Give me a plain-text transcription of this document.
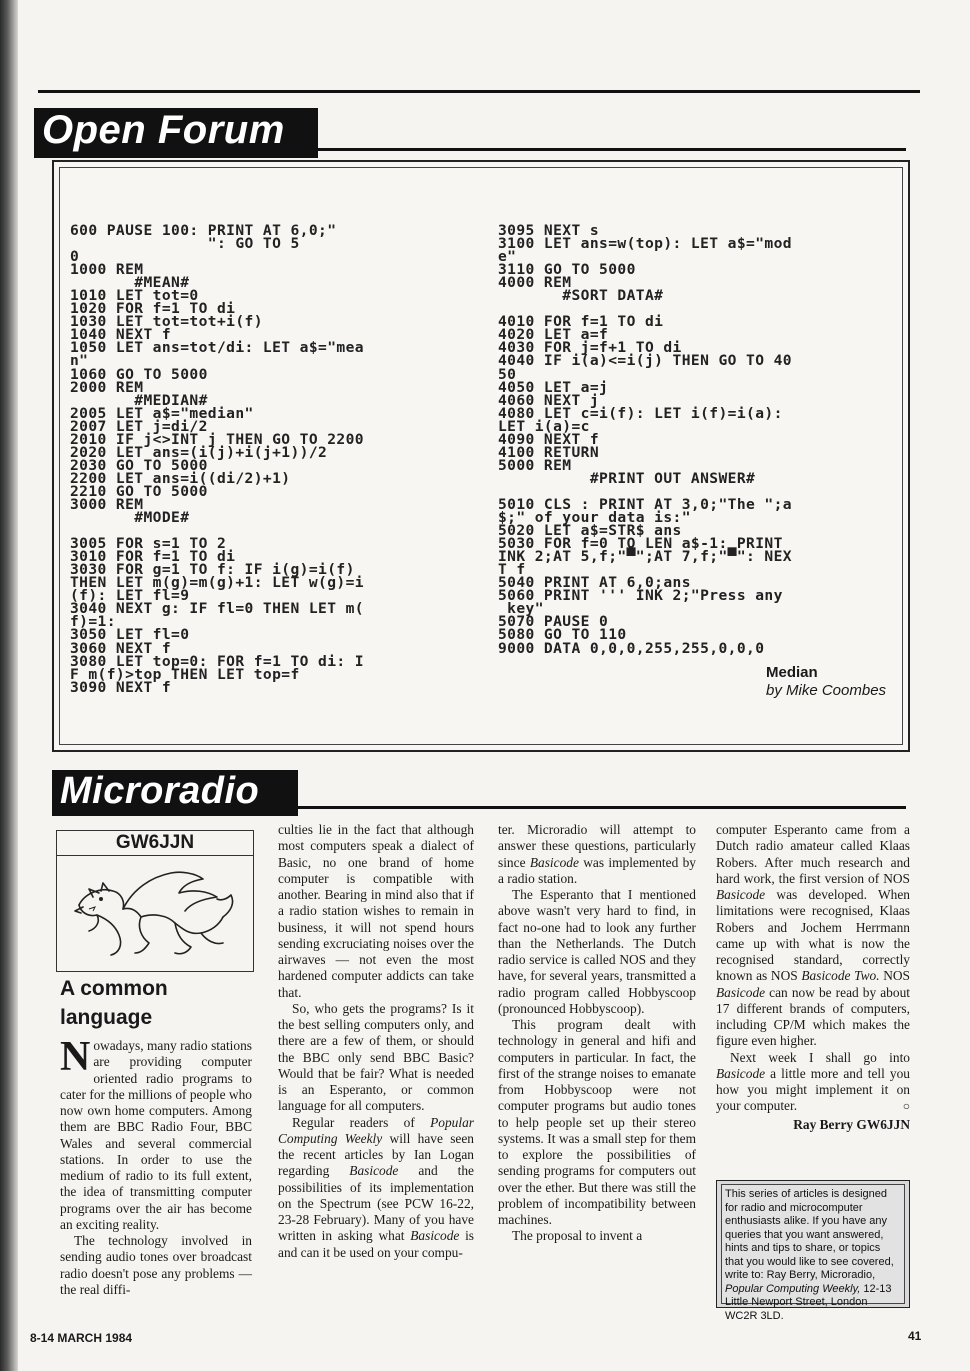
Open Forum
600 PAUSE 100: PRINT AT 6,0;"
": GO TO 5
0
1000 REM
#MEAN#
1010 LET tot=0
1020 FOR f=1 TO di
1030 LET tot=tot+i(f)
1040 NEXT f
1050 LET ans=tot/di: LET a$="mea
n"
1060 GO TO 5000
2000 REM
#MEDIAN#
2005 LET a$="median"
2007 LET j=di/2
2010 IF j<>INT j THEN GO TO 2200
2020 LET ans=(i(j)+i(j+1))/2
2030 GO TO 5000
2200 LET ans=i((di/2)+1)
2210 GO TO 5000
3000 REM
#MODE#

3005 FOR s=1 TO 2
3010 FOR f=1 TO di
3030 FOR g=1 TO f: IF i(g)=i(f)
THEN LET m(g)=m(g)+1: LET w(g)=i
(f): LET fl=9
3040 NEXT g: IF fl=0 THEN LET m(
f)=1:
3050 LET fl=0
3060 NEXT f
3080 LET top=0: FOR f=1 TO di: I
F m(f)>top THEN LET top=f
3090 NEXT f
3095 NEXT s
3100 LET ans=w(top): LET a$="mod
e"
3110 GO TO 5000
4000 REM
#SORT DATA#

4010 FOR f=1 TO di
4020 LET a=f
4030 FOR j=f+1 TO di
4040 IF i(a)<=i(j) THEN GO TO 40
50
4050 LET a=j
4060 NEXT j
4080 LET c=i(f): LET i(f)=i(a):
LET i(a)=c
4090 NEXT f
4100 RETURN
5000 REM
#PRINT OUT ANSWER#

5010 CLS : PRINT AT 3,0;"The ";a
$;" of your data is:"
5020 LET a$=STR$ ans
5030 FOR f=0 TO LEN a$-1: PRINT
INK 2;AT 5,f;"▀";AT 7,f;"▀": NEX
T f
5040 PRINT AT 6,0;ans
5060 PRINT ''' INK 2;"Press any
key"
5070 PAUSE 0
5080 GO TO 110
9000 DATA 0,0,0,255,255,0,0,0
Median
by Mike Coombes
Microradio
GW6JJN
A common
language

Nowadays, many radio stations are providing computer oriented radio programs to cater for the millions of people who now own home computers. Among them are BBC Radio Four, BBC Wales and several commercial stations. In order to use the medium of radio to its full extent, the idea of transmitting computer programs over the air has become an exciting reality.

The technology involved in sending audio tones over broadcast radio doesn't pose any problems — the real diffi-

culties lie in the fact that although most computers speak a dialect of Basic, no one brand of home computer is compatible with another. Bearing in mind also that if a radio station wishes to remain in business, it will not spend hours sending excruciating noises over the airwaves — not even the most hardened computer addicts can take that.

So, who gets the programs? Is it the best selling computers only, and there are a few of them, or should the BBC only send BBC Basic? Would that be fair? What is needed is an Esperanto, or common language for all computers.

Regular readers of Popular Computing Weekly will have seen the recent articles by Ian Logan regarding Basicode and the possibilities of its implementation on the Spectrum (see PCW 16-22, 23-28 February). Many of you have written in asking what Basicode is and can it be used on your compu-

ter. Microradio will attempt to answer these questions, particularly since Basicode was implemented by a radio station.

The Esperanto that I mentioned above wasn't very hard to find, in fact no-one had to look any further than the Netherlands. The Dutch radio service is called NOS and they have, for several years, transmitted a radio program called Hobbyscoop (pronounced Hobbyscoop).

This program dealt with technology in general and hifi and computers in particular. In fact, the first of the strange noises to emanate from Hobbyscoop were not computer programs but audio tones to help people set up their stereo systems. It was a small step for them to explore the possibilities of sending programs for computers out over the ether. But there was still the problem of incompatibility between machines.

The proposal to invent a

computer Esperanto came from a Dutch radio amateur called Klaas Robers. After much research and hard work, the first version of NOS Basicode was developed. When limitations were recognised, Klaas Robers and Jochem Herrmann came up with what is now the recognised standard, correctly known as NOS Basicode Two. NOS Basicode can now be read by about 17 different brands of computers, including CP/M which makes the figure even higher.

Next week I shall go into Basicode a little more and tell you how you might implement it on your computer.	○

Ray Berry GW6JJN
This series of articles is designed for radio and microcomputer enthusiasts alike. If you have any queries that you want answered, hints and tips to share, or topics that you would like to see covered, write to: Ray Berry, Microradio, Popular Computing Weekly, 12-13 Little Newport Street, London WC2R 3LD.
8-14 MARCH 1984	41
